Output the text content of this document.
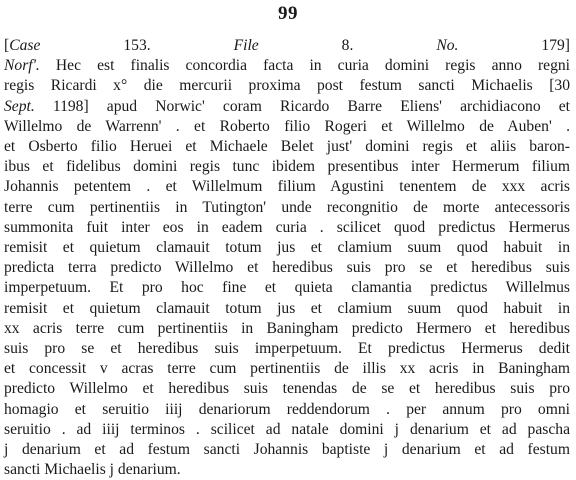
99
[Case	153.	File	8.	No.	179]
Norf'. Hec est finalis concordia facta in curia domini regis anno regni
regis Ricardi x° die mercurii proxima post festum sancti Michaelis [30
Sept. 1198] apud Norwic' coram Ricardo Barre Eliens' archidiacono et
Willelmo de Warrenn' . et Roberto filio Rogeri et Willelmo de Auben' .
et Osberto filio Heruei et Michaele Belet just' domini regis et aliis baron-
ibus et fidelibus domini regis tunc ibidem presentibus inter Hermerum filium
Johannis petentem . et Willelmum filium Agustini tenentem de xxx acris
terre cum pertinentiis in Tutington' unde recongnitio de morte antecessoris
summonita fuit inter eos in eadem curia . scilicet quod predictus Hermerus
remisit et quietum clamauit totum jus et clamium suum quod habuit in
predicta terra predicto Willelmo et heredibus suis pro se et heredibus suis
imperpetuum. Et pro hoc fine et quieta clamantia predictus Willelmus
remisit et quietum clamauit totum jus et clamium suum quod habuit in
xx acris terre cum pertinentiis in Baningham predicto Hermero et heredibus
suis pro se et heredibus suis imperpetuum. Et predictus Hermerus dedit
et concessit v acras terre cum pertinentiis de illis xx acris in Baningham
predicto Willelmo et heredibus suis tenendas de se et heredibus suis pro
homagio et seruitio iiij denariorum reddendorum . per annum pro omni
seruitio . ad iiij terminos . scilicet ad natale domini j denarium et ad pascha
j denarium et ad festum sancti Johannis baptiste j denarium et ad festum
sancti Michaelis j denarium.
